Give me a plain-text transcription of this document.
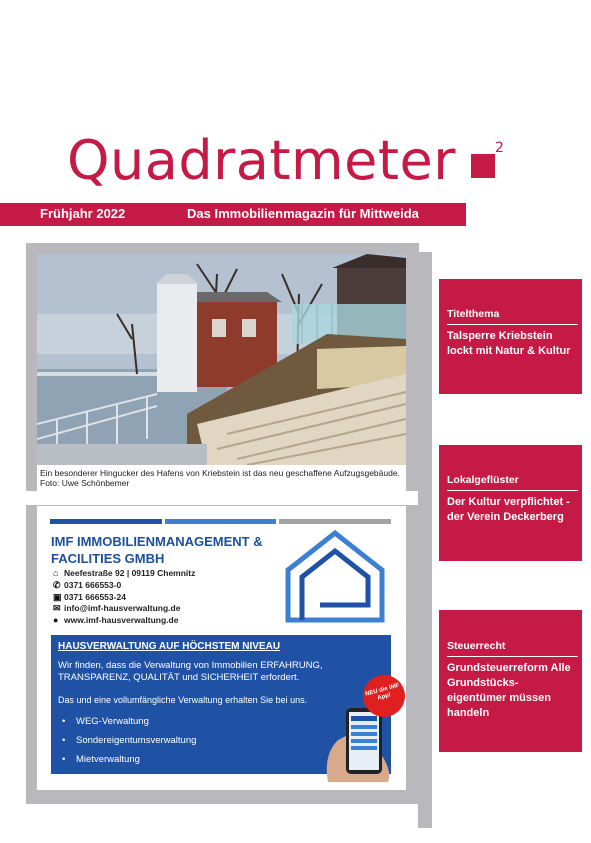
Quadratmeter	2
Frühjahr 2022	Das Immobilienmagazin für Mittweida
Ein besonderer Hingucker des Hafens von Kriebstein ist das neu geschaffene Aufzugsgebäude. Foto: Uwe Schönbemer
IMF IMMOBILIENMANAGEMENT &
FACILITIES GMBH
⌂ Neefestraße 92 | 09119 Chemnitz
✆ 0371 666553-0
▣ 0371 666553-24
✉ info@imf-hausverwaltung.de
● www.imf-hausverwaltung.de
HAUSVERWALTUNG AUF HÖCHSTEM NIVEAU
Wir finden, dass die Verwaltung von Immobilien ERFAHRUNG, TRANSPARENZ, QUALITÄT und SICHERHEIT erfordert.
Das und eine vollumfängliche Verwaltung erhalten Sie bei uns.
• WEG-Verwaltung
• Sondereigentumsverwaltung
• Mietverwaltung
NEU die IMF App!
Titelthema
Talsperre Kriebstein lockt mit Natur & Kultur
Lokalgeflüster
Der Kultur verpflichtet - der Verein Deckerberg
Steuerrecht
Grundsteuerreform Alle Grundstücks-eigentümer müssen handeln
